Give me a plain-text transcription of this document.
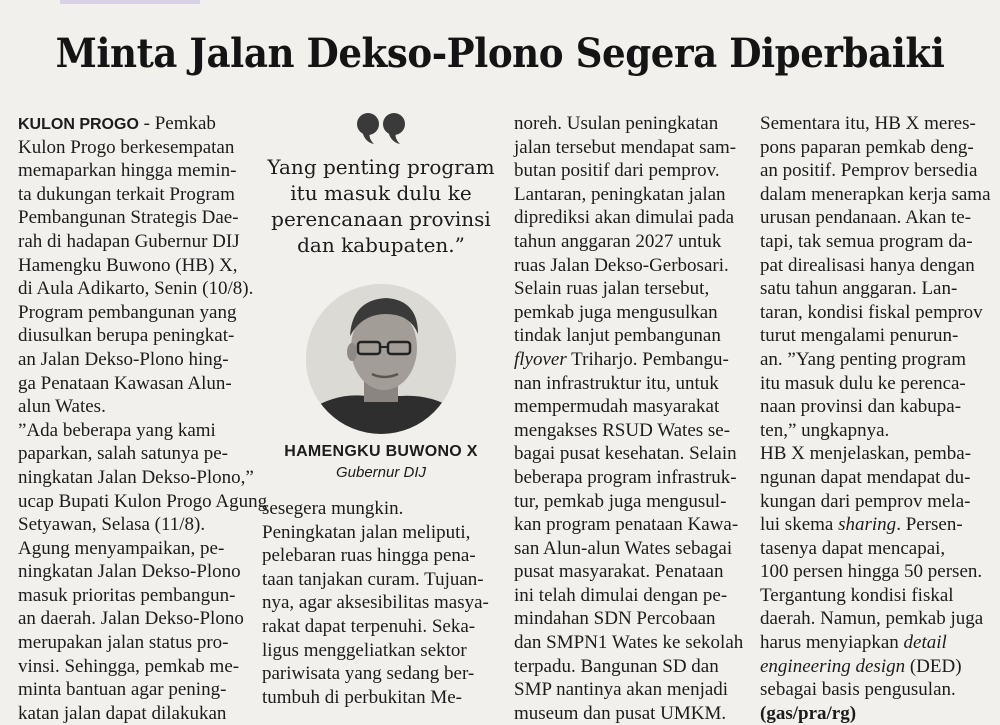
Minta Jalan Dekso-Plono Segera Diperbaiki
KULON PROGO - Pemkab
Kulon Progo berkesempatan
memaparkan hingga memin-
ta dukungan terkait Program
Pembangunan Strategis Dae-
rah di hadapan Gubernur DIJ
Hamengku Buwono (HB) X,
di Aula Adikarto, Senin (10/8).
Program pembangunan yang
diusulkan berupa peningkat-
an Jalan Dekso-Plono hing-
ga Penataan Kawasan Alun-
alun Wates.
”Ada beberapa yang kami
paparkan, salah satunya pe-
ningkatan Jalan Dekso-Plono,”
ucap Bupati Kulon Progo Agung
Setyawan, Selasa (11/8).
Agung menyampaikan, pe-
ningkatan Jalan Dekso-Plono
masuk prioritas pembangun-
an daerah. Jalan Dekso-Plono
merupakan jalan status pro-
vinsi. Sehingga, pemkab me-
minta bantuan agar pening-
katan jalan dapat dilakukan
Yang penting program
itu masuk dulu ke
perencanaan provinsi
dan kabupaten.”
HAMENGKU BUWONO X
Gubernur DIJ
sesegera mungkin.
Peningkatan jalan meliputi,
pelebaran ruas hingga pena-
taan tanjakan curam. Tujuan-
nya, agar aksesibilitas masya-
rakat dapat terpenuhi. Seka-
ligus menggeliatkan sektor
pariwisata yang sedang ber-
tumbuh di perbukitan Me-
noreh. Usulan peningkatan
jalan tersebut mendapat sam-
butan positif dari pemprov.
Lantaran, peningkatan jalan
diprediksi akan dimulai pada
tahun anggaran 2027 untuk
ruas Jalan Dekso-Gerbosari.
Selain ruas jalan tersebut,
pemkab juga mengusulkan
tindak lanjut pembangunan
flyover Triharjo. Pembangu-
nan infrastruktur itu, untuk
mempermudah masyarakat
mengakses RSUD Wates se-
bagai pusat kesehatan. Selain
beberapa program infrastruk-
tur, pemkab juga mengusul-
kan program penataan Kawa-
san Alun-alun Wates sebagai
pusat masyarakat. Penataan
ini telah dimulai dengan pe-
mindahan SDN Percobaan
dan SMPN1 Wates ke sekolah
terpadu. Bangunan SD dan
SMP nantinya akan menjadi
museum dan pusat UMKM.
Sementara itu, HB X meres-
pons paparan pemkab deng-
an positif. Pemprov bersedia
dalam menerapkan kerja sama
urusan pendanaan. Akan te-
tapi, tak semua program da-
pat direalisasi hanya dengan
satu tahun anggaran. Lan-
taran, kondisi fiskal pemprov
turut mengalami penurun-
an. ”Yang penting program
itu masuk dulu ke perenca-
naan provinsi dan kabupa-
ten,” ungkapnya.
HB X menjelaskan, pemba-
ngunan dapat mendapat du-
kungan dari pemprov mela-
lui skema sharing. Persen-
tasenya dapat mencapai,
100 persen hingga 50 persen.
Tergantung kondisi fiskal
daerah. Namun, pemkab juga
harus menyiapkan detail
engineering design (DED)
sebagai basis pengusulan.
(gas/pra/rg)
